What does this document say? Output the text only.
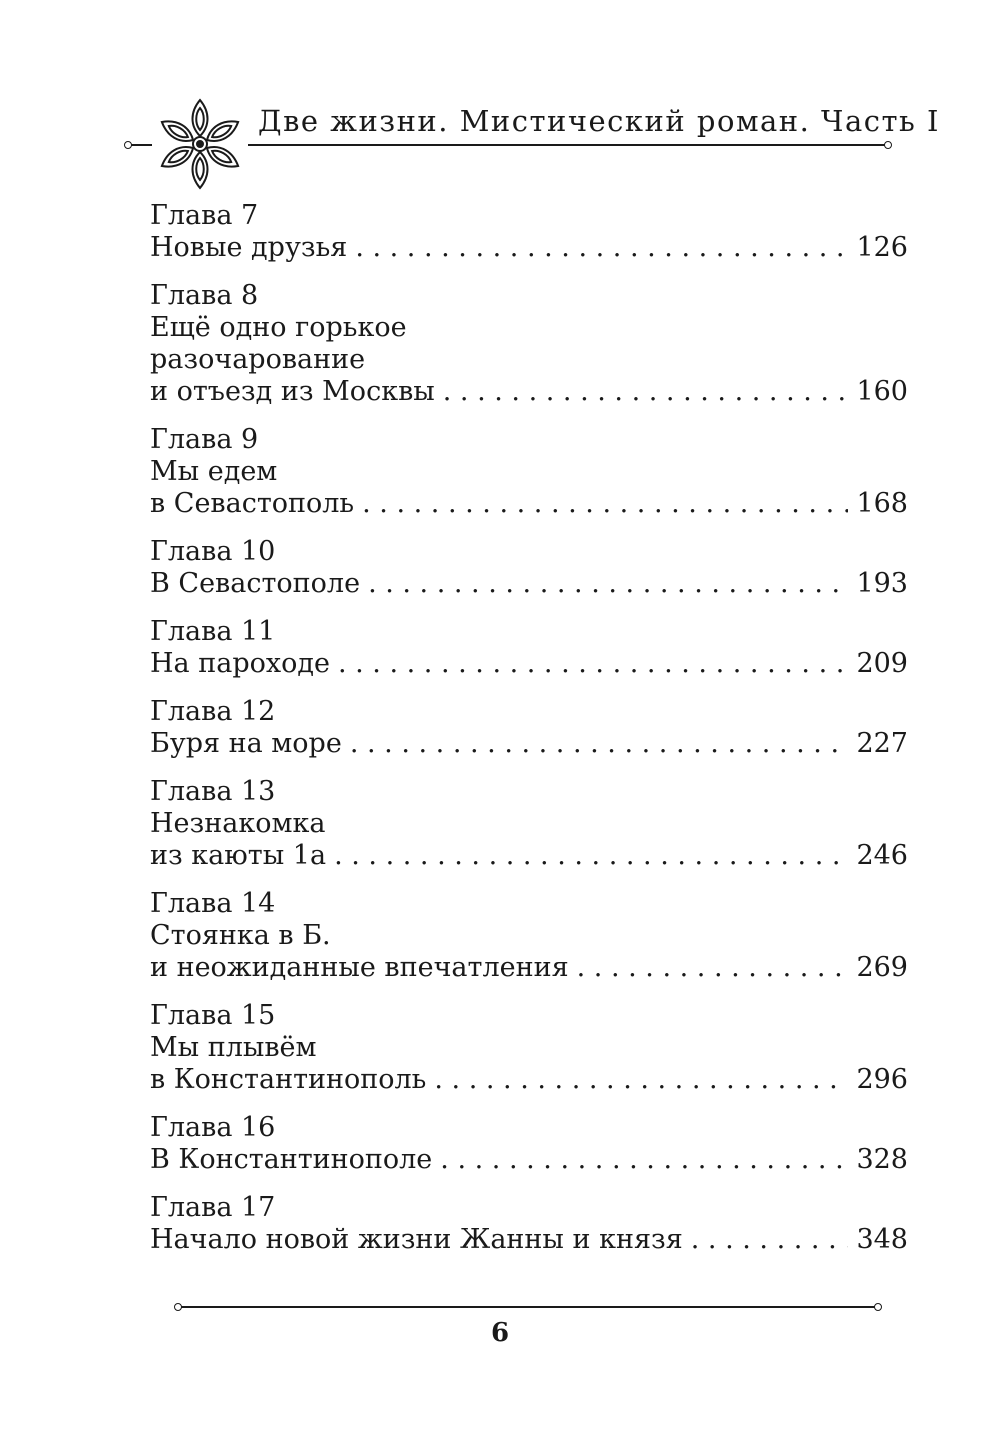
Две жизни. Мистический роман. Часть I
Глава 7
Новые друзья . . .	126
Глава 8
Ещё одно горькое
разочарование
и отъезд из Москвы . . .	160
Глава 9
Мы едем
в Севастополь . . .	168
Глава 10
В Севастополе . . .	193
Глава 11
На пароходе . . .	209
Глава 12
Буря на море . . .	227
Глава 13
Незнакомка
из каюты 1а . . .	246
Глава 14
Стоянка в Б.
и неожиданные впечатления . . .	269
Глава 15
Мы плывём
в Константинополь . . .	296
Глава 16
В Константинополе . . .	328
Глава 17
Начало новой жизни Жанны и князя . . .	348
6
